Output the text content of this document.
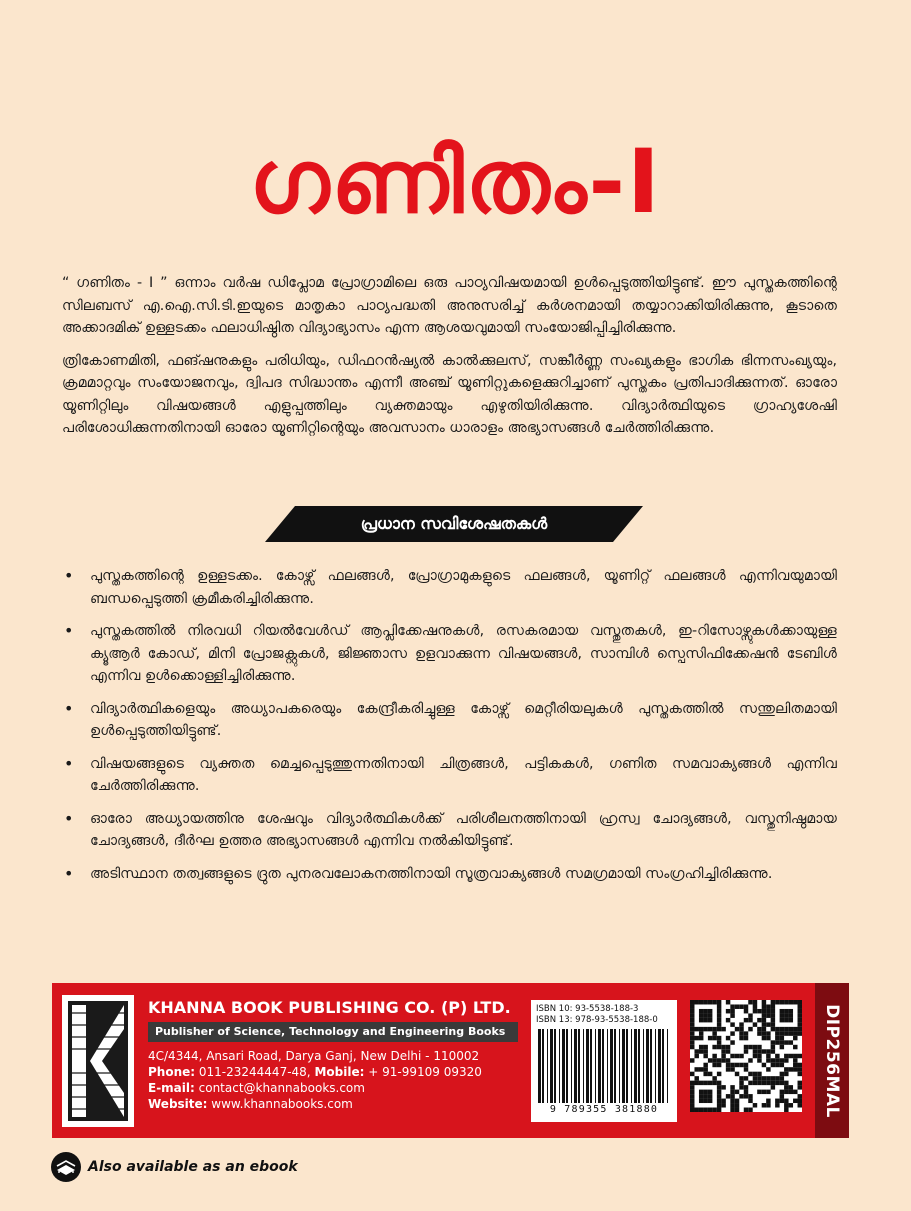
ഗണിതം-I

“ ഗണിതം - I ” ഒന്നാം വർഷ ഡിപ്ലോമ പ്രോഗ്രാമിലെ ഒരു പാഠ്യവിഷയമായി ഉൾപ്പെടുത്തിയിട്ടുണ്ട്. ഈ പുസ്തകത്തിന്റെ സിലബസ് എ.ഐ.സി.ടി.ഇയുടെ മാതൃകാ പാഠ്യപദ്ധതി അനുസരിച്ച് കർശനമായി തയ്യാറാക്കിയിരിക്കുന്നു, കൂടാതെ അക്കാദമിക് ഉള്ളടക്കം ഫലാധിഷ്ഠിത വിദ്യാഭ്യാസം എന്ന ആശയവുമായി സംയോജിപ്പിച്ചിരിക്കുന്നു.

ത്രികോണമിതി, ഫങ്ഷനുകളും പരിധിയും, ഡിഫറൻഷ്യൽ കാൽക്കുലസ്, സങ്കീർണ്ണ സംഖ്യകളും ഭാഗിക ഭിന്നസംഖ്യയും, ക്രമമാറ്റവും സംയോജനവും, ദ്വിപദ സിദ്ധാന്തം എന്നീ അഞ്ച് യൂണിറ്റുകളെക്കുറിച്ചാണ് പുസ്തകം പ്രതിപാദിക്കുന്നത്. ഓരോ യൂണിറ്റിലും വിഷയങ്ങൾ എളുപ്പത്തിലും വ്യക്തമായും എഴുതിയിരിക്കുന്നു. വിദ്യാർത്ഥിയുടെ ഗ്രാഹ്യശേഷി പരിശോധിക്കുന്നതിനായി ഓരോ യൂണിറ്റിന്റെയും അവസാനം ധാരാളം അഭ്യാസങ്ങൾ ചേർത്തിരിക്കുന്നു.

പ്രധാന സവിശേഷതകൾ
• പുസ്തകത്തിന്റെ ഉള്ളടക്കം. കോഴ്സ് ഫലങ്ങൾ, പ്രോഗ്രാമുകളുടെ ഫലങ്ങൾ, യൂണിറ്റ് ഫലങ്ങൾ എന്നിവയുമായി ബന്ധപ്പെടുത്തി ക്രമീകരിച്ചിരിക്കുന്നു.
• പുസ്തകത്തിൽ നിരവധി റിയൽവേൾഡ് ആപ്ലിക്കേഷനുകൾ, രസകരമായ വസ്തുതകൾ, ഇ-റിസോഴ്സുകൾക്കായുള്ള ക്യൂആർ കോഡ്, മിനി പ്രോജക്റ്റുകൾ, ജിജ്ഞാസ ഉളവാക്കുന്ന വിഷയങ്ങൾ, സാമ്പിൾ സ്പെസിഫിക്കേഷൻ ടേബിൾ എന്നിവ ഉൾക്കൊള്ളിച്ചിരിക്കുന്നു.
• വിദ്യാർത്ഥികളെയും അധ്യാപകരെയും കേന്ദ്രീകരിച്ചുള്ള കോഴ്സ് മെറ്റീരിയലുകൾ പുസ്തകത്തിൽ സന്തുലിതമായി ഉൾപ്പെടുത്തിയിട്ടുണ്ട്.
• വിഷയങ്ങളുടെ വ്യക്തത മെച്ചപ്പെടുത്തുന്നതിനായി ചിത്രങ്ങൾ, പട്ടികകൾ, ഗണിത സമവാക്യങ്ങൾ എന്നിവ ചേർത്തിരിക്കുന്നു.
• ഓരോ അധ്യായത്തിനു ശേഷവും വിദ്യാർത്ഥികൾക്ക് പരിശീലനത്തിനായി ഹ്രസ്വ ചോദ്യങ്ങൾ, വസ്തുനിഷ്ഠമായ ചോദ്യങ്ങൾ, ദീർഘ ഉത്തര അഭ്യാസങ്ങൾ എന്നിവ നൽകിയിട്ടുണ്ട്.
• അടിസ്ഥാന തത്വങ്ങളുടെ ദ്രുത പുനരവലോകനത്തിനായി സൂത്രവാക്യങ്ങൾ സമഗ്രമായി സംഗ്രഹിച്ചിരിക്കുന്നു.
DIP256MAL
KHANNA BOOK PUBLISHING CO. (P) LTD.
Publisher of Science, Technology and Engineering Books
4C/4344, Ansari Road, Darya Ganj, New Delhi - 110002
Phone: 011-23244447-48, Mobile: + 91-99109 09320
E-mail: contact@khannabooks.com
Website: www.khannabooks.com
ISBN 10: 93-5538-188-3
ISBN 13: 978-93-5538-188-0
9 789355 381880
Also available as an ebook
